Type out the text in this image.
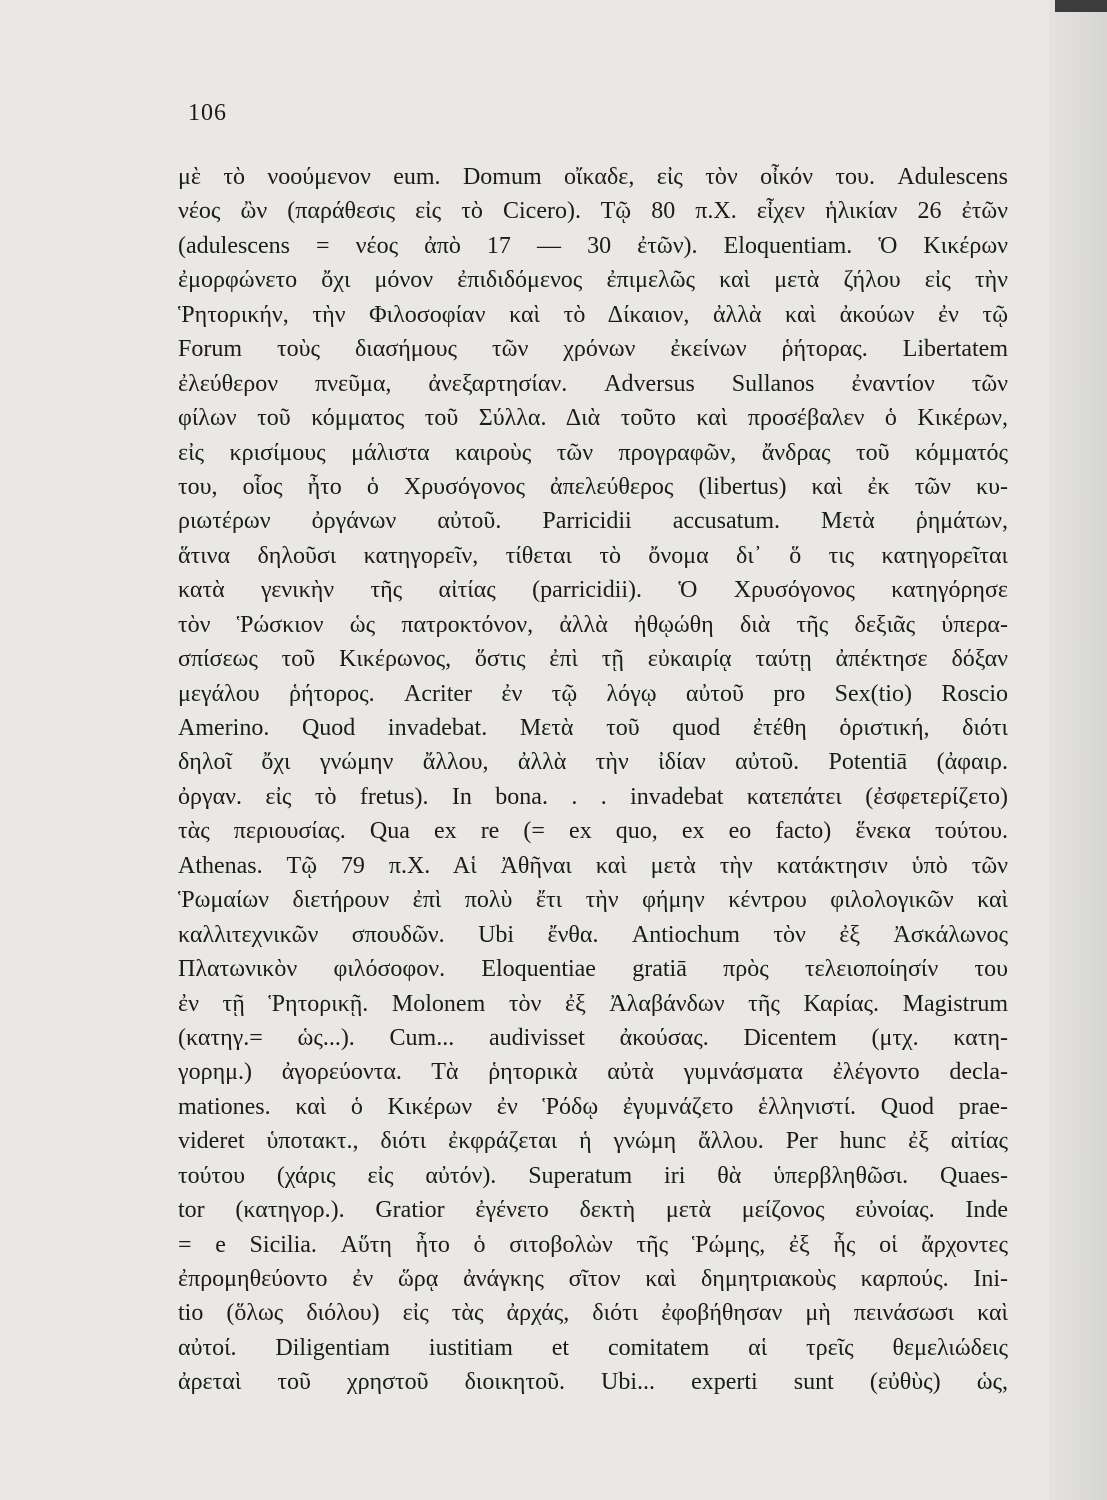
106
μὲ τὸ νοούμενον eum. Domum οἴκαδε, εἰς τὸν οἶκόν του. Adulescens
νέος ὢν (παράθεσις εἰς τὸ Cicero). Τῷ 80 π.Χ. εἶχεν ἡλικίαν 26 ἐτῶν
(adulescens = νέος ἀπὸ 17 — 30 ἐτῶν). Eloquentiam. Ὁ Κικέρων
ἐμορφώνετο ὄχι μόνον ἐπιδιδόμενος ἐπιμελῶς καὶ μετὰ ζήλου εἰς τὴν
Ῥητορικήν, τὴν Φιλοσοφίαν καὶ τὸ Δίκαιον, ἀλλὰ καὶ ἀκούων ἐν τῷ
Forum τοὺς διασήμους τῶν χρόνων ἐκείνων ῥήτορας. Libertatem
ἐλεύθερον πνεῦμα, ἀνεξαρτησίαν. Adversus Sullanos ἐναντίον τῶν
φίλων τοῦ κόμματος τοῦ Σύλλα. Διὰ τοῦτο καὶ προσέβαλεν ὁ Κικέρων,
εἰς κρισίμους μάλιστα καιροὺς τῶν προγραφῶν, ἄνδρας τοῦ κόμματός
του, οἷος ἦτο ὁ Χρυσόγονος ἀπελεύθερος (libertus) καὶ ἐκ τῶν κυ-
ριωτέρων ὀργάνων αὐτοῦ. Parricidii accusatum. Μετὰ ῥημάτων,
ἅτινα δηλοῦσι κατηγορεῖν, τίθεται τὸ ὄνομα δι᾽ ὅ τις κατηγορεῖται
κατὰ γενικὴν τῆς αἰτίας (parricidii). Ὁ Χρυσόγονος κατηγόρησε
τὸν Ῥώσκιον ὡς πατροκτόνον, ἀλλὰ ἠθῳώθη διὰ τῆς δεξιᾶς ὑπερα-
σπίσεως τοῦ Κικέρωνος, ὅστις ἐπὶ τῇ εὐκαιρίᾳ ταύτῃ ἀπέκτησε δόξαν
μεγάλου ῥήτορος. Acriter ἐν τῷ λόγῳ αὐτοῦ pro Sex(tio) Roscio
Amerino. Quod invadebat. Μετὰ τοῦ quod ἐτέθη ὁριστική, διότι
δηλοῖ ὄχι γνώμην ἄλλου, ἀλλὰ τὴν ἰδίαν αὐτοῦ. Potentiā (ἀφαιρ.
ὀργαν. εἰς τὸ fretus). In bona. . . invadebat κατεπάτει (ἐσφετερίζετο)
τὰς περιουσίας. Qua ex re (= ex quo, ex eo facto) ἕνεκα τούτου.
Athenas. Τῷ 79 π.Χ. Αἱ Ἀθῆναι καὶ μετὰ τὴν κατάκτησιν ὑπὸ τῶν
Ῥωμαίων διετήρουν ἐπὶ πολὺ ἔτι τὴν φήμην κέντρου φιλολογικῶν καὶ
καλλιτεχνικῶν σπουδῶν. Ubi ἔνθα. Antiochum τὸν ἐξ Ἀσκάλωνος
Πλατωνικὸν φιλόσοφον. Eloquentiae gratiā πρὸς τελειοποίησίν του
ἐν τῇ Ῥητορικῇ. Molonem τὸν ἐξ Ἀλαβάνδων τῆς Καρίας. Magistrum
(κατηγ.= ὡς...). Cum... audivisset ἀκούσας. Dicentem (μτχ. κατη-
γορημ.) ἀγορεύοντα. Τὰ ῥητορικὰ αὐτὰ γυμνάσματα ἐλέγοντο decla-
mationes. καὶ ὁ Κικέρων ἐν Ῥόδῳ ἐγυμνάζετο ἑλληνιστί. Quod prae-
videret ὑποτακτ., διότι ἐκφράζεται ἡ γνώμη ἄλλου. Per hunc ἐξ αἰτίας
τούτου (χάρις εἰς αὐτόν). Superatum iri θὰ ὑπερβληθῶσι. Quaes-
tor (κατηγορ.). Gratior ἐγένετο δεκτὴ μετὰ μείζονος εὐνοίας. Inde
= e Sicilia. Αὕτη ἦτο ὁ σιτοβολὼν τῆς Ῥώμης, ἐξ ἧς οἱ ἄρχοντες
ἐπρομηθεύοντο ἐν ὥρᾳ ἀνάγκης σῖτον καὶ δημητριακοὺς καρπούς. Ini-
tio (ὅλως διόλου) εἰς τὰς ἀρχάς, διότι ἐφοβήθησαν μὴ πεινάσωσι καὶ
αὐτοί. Diligentiam iustitiam et comitatem αἱ τρεῖς θεμελιώδεις
ἀρεταὶ τοῦ χρηστοῦ διοικητοῦ. Ubi... experti sunt (εὐθὺς) ὡς,
